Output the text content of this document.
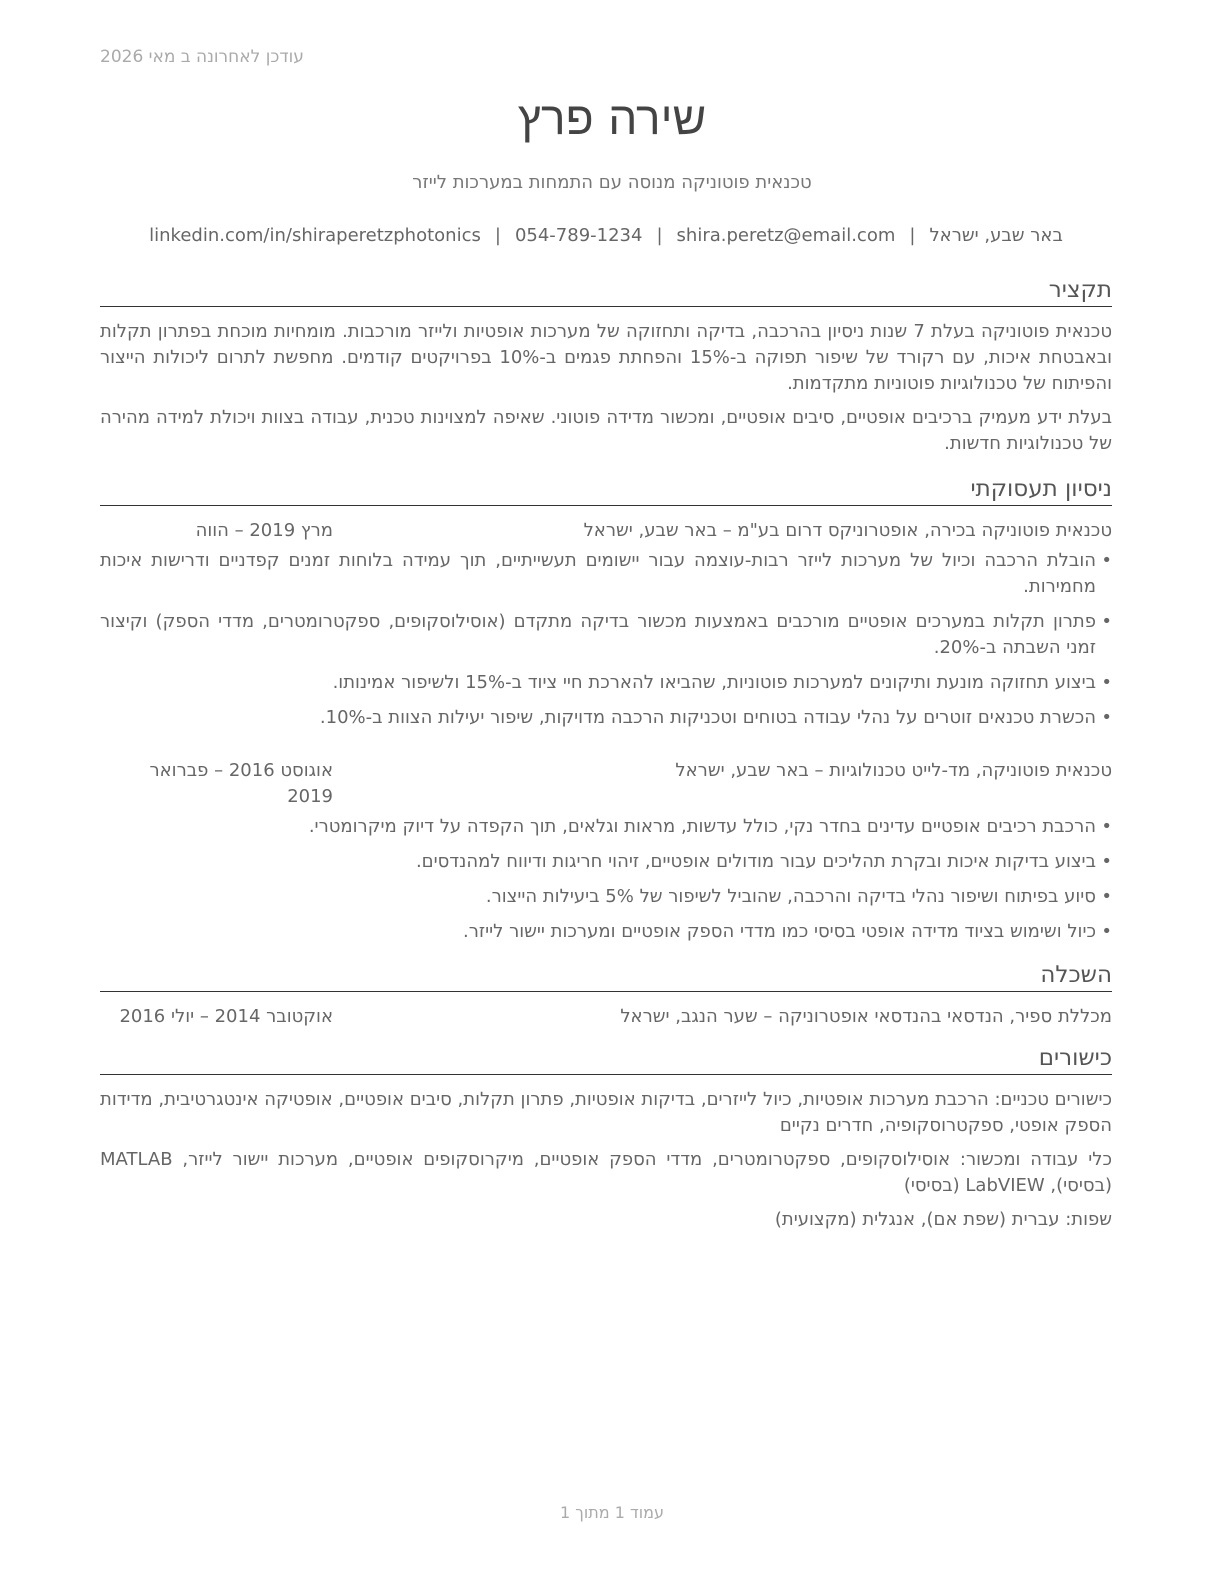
עודכן לאחרונה ב מאי 2026
שירה פרץ
טכנאית פוטוניקה מנוסה עם התמחות במערכות לייזר
באר שבע, ישראל|shira.peretz@email.com|054-789-1234|linkedin.com/in/shiraperetzphotonics
תקציר

טכנאית פוטוניקה בעלת 7 שנות ניסיון בהרכבה, בדיקה ותחזוקה של מערכות אופטיות ולייזר מורכבות. מומחיות מוכחת בפתרון תקלות ובאבטחת איכות, עם רקורד של שיפור תפוקה ב-15% והפחתת פגמים ב-10% בפרויקטים קודמים. מחפשת לתרום ליכולות הייצור והפיתוח של טכנולוגיות פוטוניות מתקדמות.

בעלת ידע מעמיק ברכיבים אופטיים, סיבים אופטיים, ומכשור מדידה פוטוני. שאיפה למצוינות טכנית, עבודה בצוות ויכולת למידה מהירה של טכנולוגיות חדשות.

ניסיון תעסוקתי
טכנאית פוטוניקה בכירה, אופטרוניקס דרום בע"מ – באר שבע, ישראל
מרץ 2019 – הווה
• הובלת הרכבה וכיול של מערכות לייזר רבות-עוצמה עבור יישומים תעשייתיים, תוך עמידה בלוחות זמנים קפדניים ודרישות איכות מחמירות.
• פתרון תקלות במערכים אופטיים מורכבים באמצעות מכשור בדיקה מתקדם (אוסילוסקופים, ספקטרומטרים, מדדי הספק) וקיצור זמני השבתה ב-20%.
• ביצוע תחזוקה מונעת ותיקונים למערכות פוטוניות, שהביאו להארכת חיי ציוד ב-15% ולשיפור אמינותו.
• הכשרת טכנאים זוטרים על נהלי עבודה בטוחים וטכניקות הרכבה מדויקות, שיפור יעילות הצוות ב-10%.
טכנאית פוטוניקה, מד-לייט טכנולוגיות – באר שבע, ישראל
אוגוסט 2016 – פברואר 2019
• הרכבת רכיבים אופטיים עדינים בחדר נקי, כולל עדשות, מראות וגלאים, תוך הקפדה על דיוק מיקרומטרי.
• ביצוע בדיקות איכות ובקרת תהליכים עבור מודולים אופטיים, זיהוי חריגות ודיווח למהנדסים.
• סיוע בפיתוח ושיפור נהלי בדיקה והרכבה, שהוביל לשיפור של 5% ביעילות הייצור.
• כיול ושימוש בציוד מדידה אופטי בסיסי כמו מדדי הספק אופטיים ומערכות יישור לייזר.
השכלה
מכללת ספיר, הנדסאי בהנדסאי אופטרוניקה – שער הנגב, ישראל
אוקטובר 2014 – יולי 2016
כישורים

כישורים טכניים: הרכבת מערכות אופטיות, כיול לייזרים, בדיקות אופטיות, פתרון תקלות, סיבים אופטיים, אופטיקה אינטגרטיבית, מדידות הספק אופטי, ספקטרוסקופיה, חדרים נקיים

כלי עבודה ומכשור: אוסילוסקופים, ספקטרומטרים, מדדי הספק אופטיים, מיקרוסקופים אופטיים, מערכות יישור לייזר, MATLAB (בסיסי), LabVIEW (בסיסי)

שפות: עברית (שפת אם), אנגלית (מקצועית)

עמוד 1 מתוך 1
